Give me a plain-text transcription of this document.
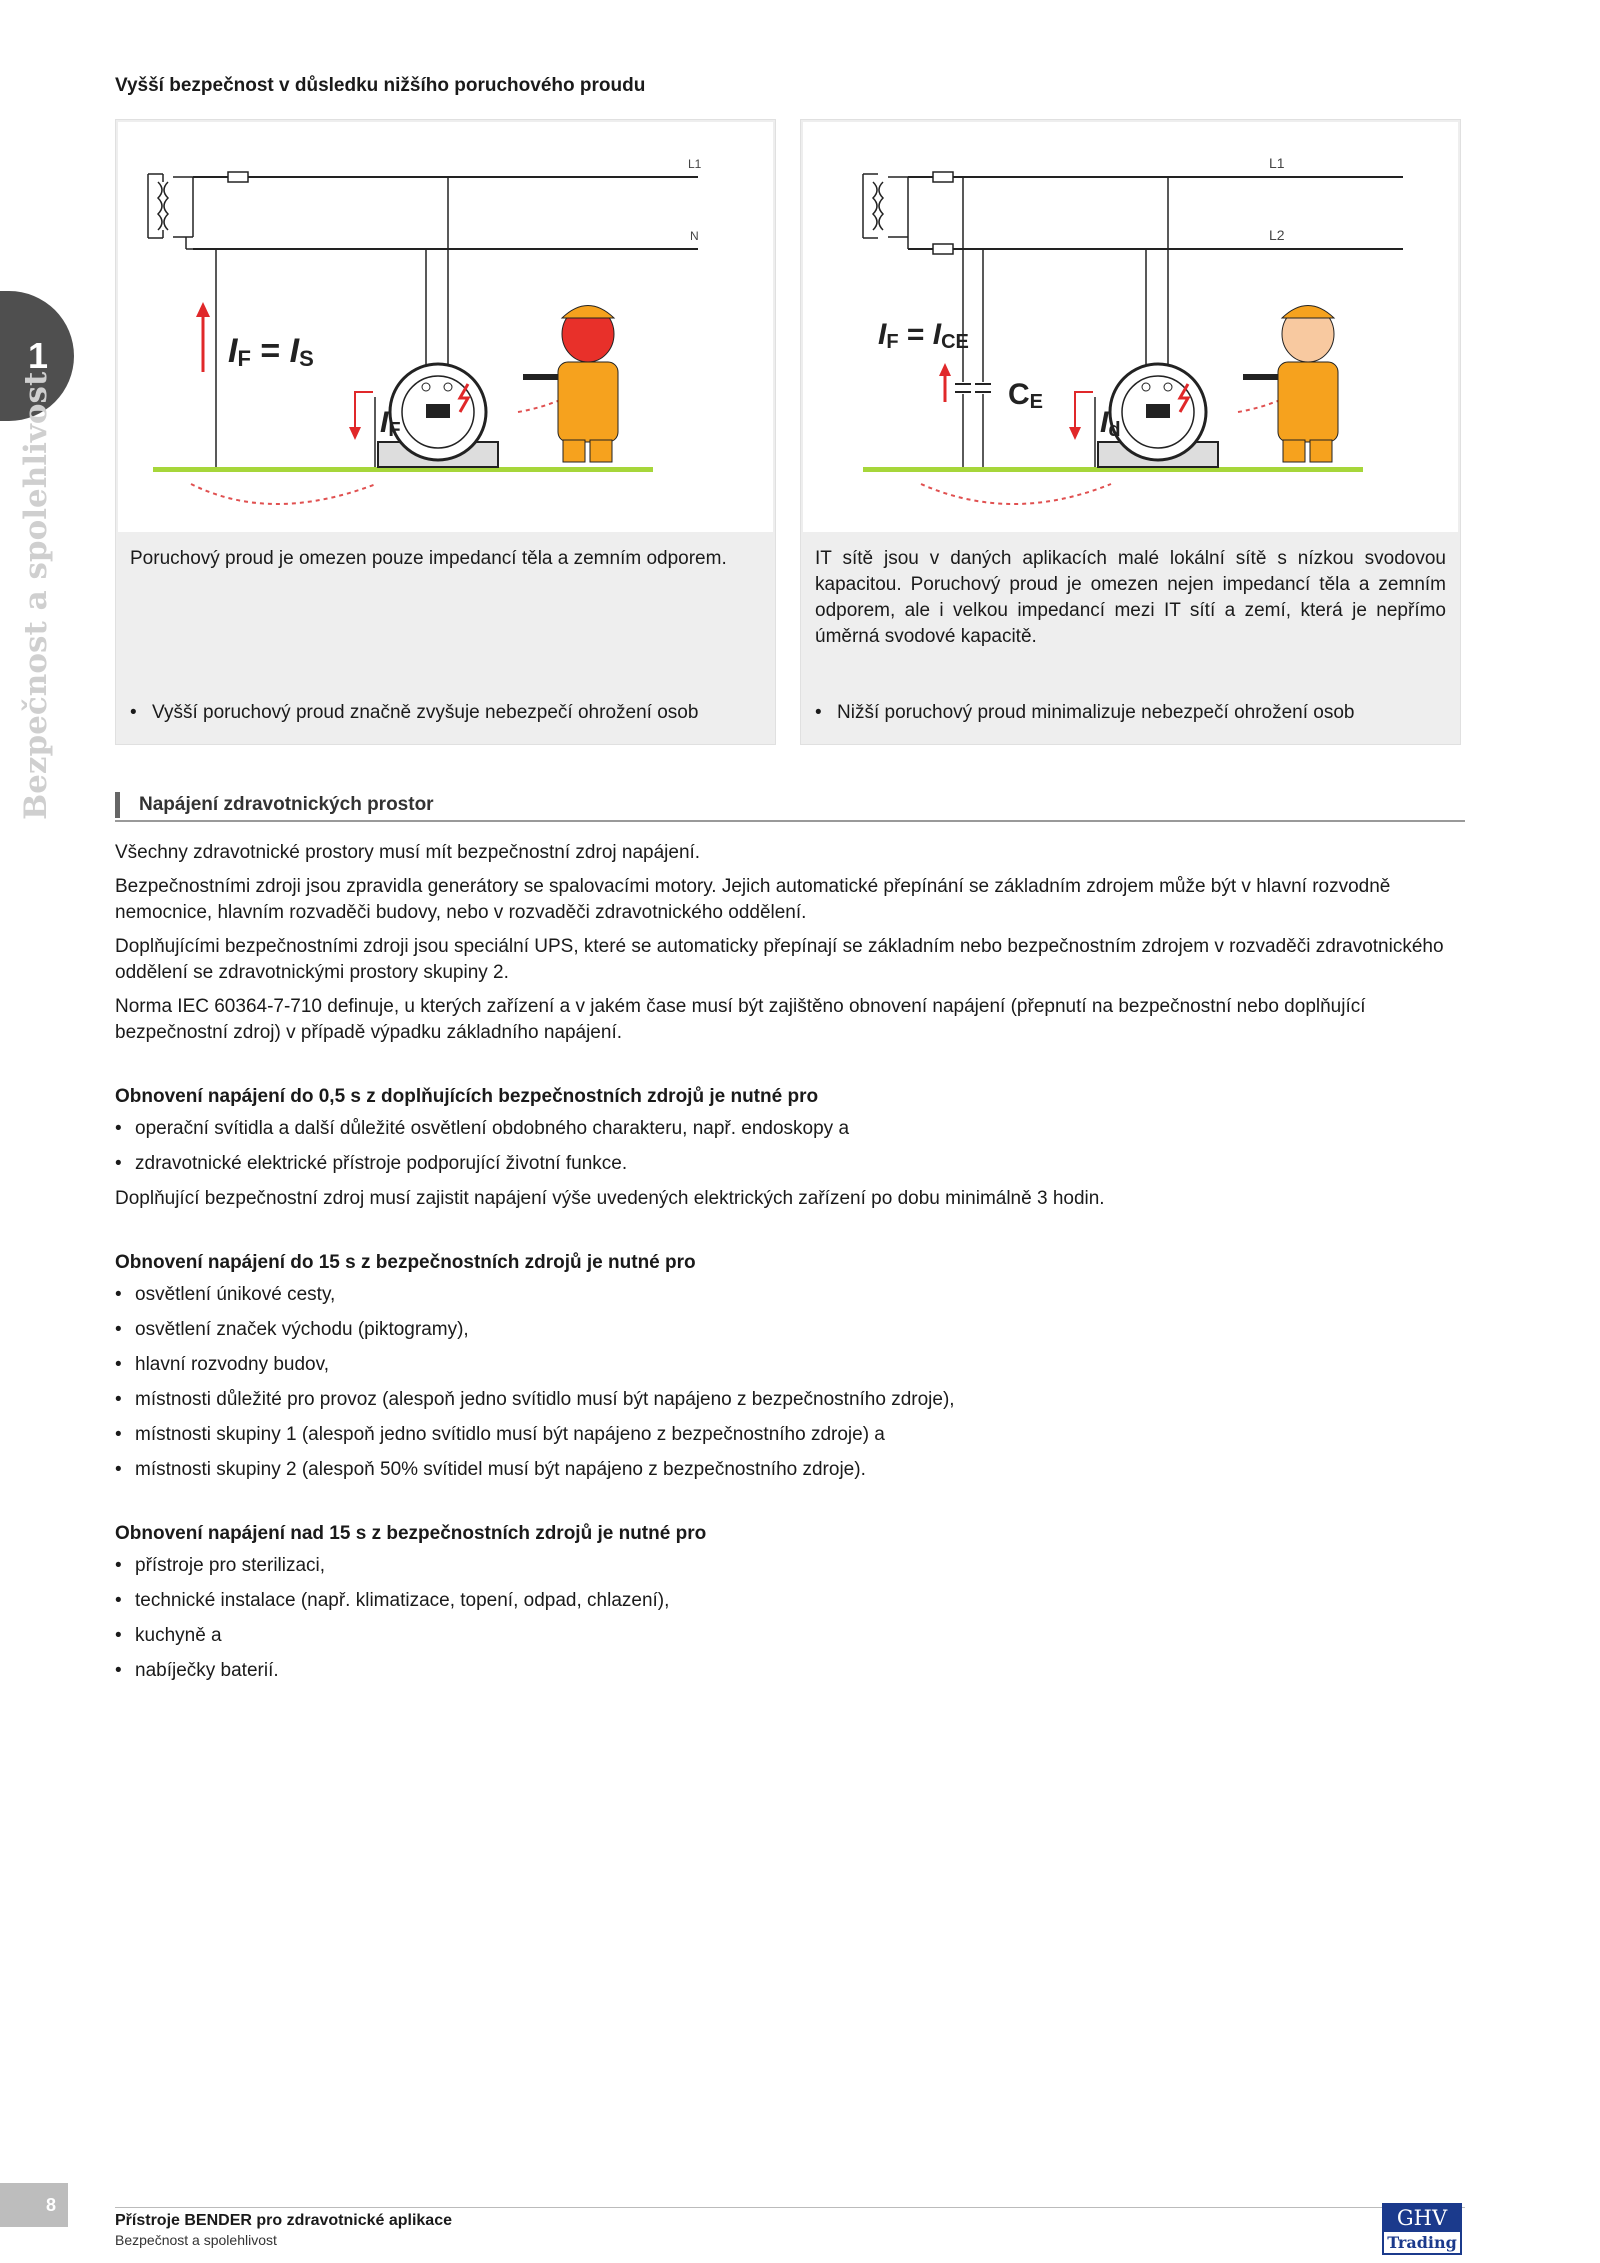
1
Bezpečnost a spolehlivost
Vyšší bezpečnost v důsledku nižšího poruchového proudu
L1
N
IF = IS
IF
Poruchový proud je omezen pouze impedancí těla a zemním odporem.
• Vyšší poruchový proud značně zvyšuje nebezpečí ohrožení osob
L1
L2
IF = ICE
CE
Id
IT sítě jsou v daných aplikacích malé lokální sítě s nízkou svodovou kapacitou. Poruchový proud je omezen nejen impedancí těla a zemním odporem, ale i velkou impedancí mezi IT sítí a zemí, která je nepřímo úměrná svodové kapacitě.
• Nižší poruchový proud minimalizuje nebezpečí ohrožení osob
Napájení zdravotnických prostor

Všechny zdravotnické prostory musí mít bezpečnostní zdroj napájení.

Bezpečnostními zdroji jsou zpravidla generátory se spalovacími motory. Jejich automatické přepínání se základním zdrojem může být v hlavní rozvodně nemocnice, hlavním rozvaděči budovy, nebo v rozvaděči zdravotnického oddělení.

Doplňujícími bezpečnostními zdroji jsou speciální UPS, které se automaticky přepínají se základním nebo bezpečnostním zdrojem v rozvaděči zdravotnického oddělení se zdravotnickými prostory skupiny 2.

Norma IEC 60364-7-710 definuje, u kterých zařízení a v jakém čase musí být zajištěno obnovení napájení (přepnutí na bezpečnostní nebo doplňující bezpečnostní zdroj) v případě výpadku základního napájení.

Obnovení napájení do 0,5 s z doplňujících bezpečnostních zdrojů je nutné pro
• operační svítidla a další důležité osvětlení obdobného charakteru, např. endoskopy a
• zdravotnické elektrické přístroje podporující životní funkce.

Doplňující bezpečnostní zdroj musí zajistit napájení výše uvedených elektrických zařízení po dobu minimálně 3 hodin.

Obnovení napájení do 15 s z bezpečnostních zdrojů je nutné pro
• osvětlení únikové cesty,
• osvětlení značek východu (piktogramy),
• hlavní rozvodny budov,
• místnosti důležité pro provoz (alespoň jedno svítidlo musí být napájeno z bezpečnostního zdroje),
• místnosti skupiny 1 (alespoň jedno svítidlo musí být napájeno z bezpečnostního zdroje) a
• místnosti skupiny 2 (alespoň 50% svítidel musí být napájeno z bezpečnostního zdroje).
Obnovení napájení nad 15 s z bezpečnostních zdrojů je nutné pro
• přístroje pro sterilizaci,
• technické instalace (např. klimatizace, topení, odpad, chlazení),
• kuchyně a
• nabíječky baterií.
8
Přístroje BENDER pro zdravotnické aplikace
Bezpečnost a spolehlivost
GHV
Trading
